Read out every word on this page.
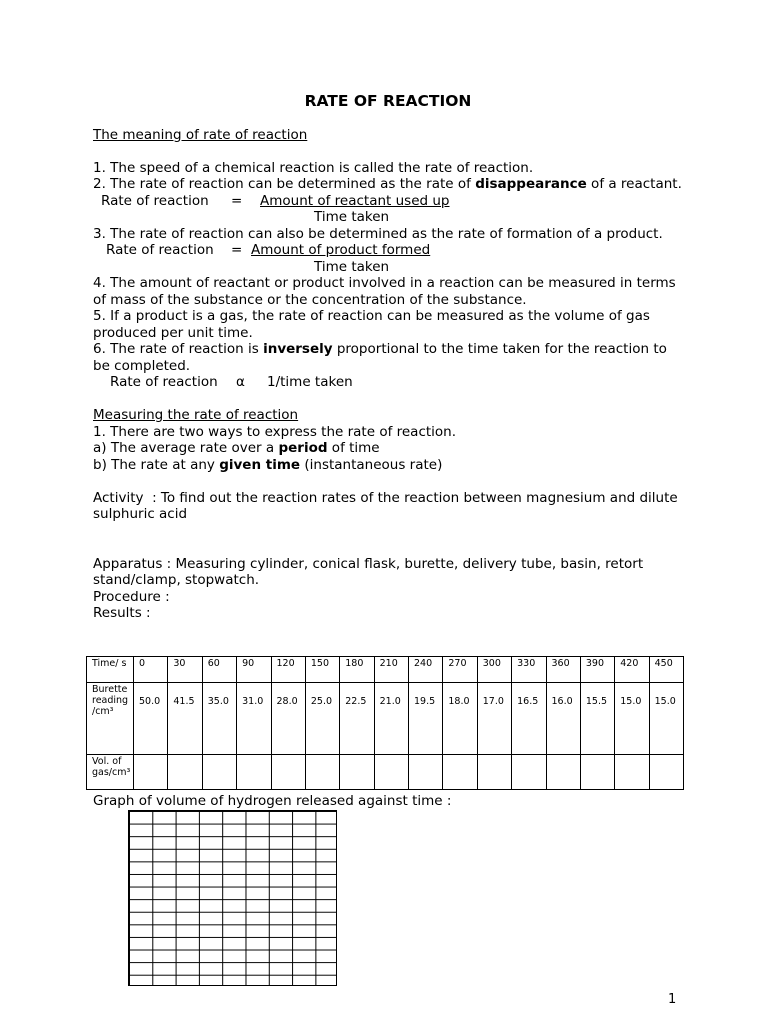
RATE OF REACTION

The meaning of rate of reaction

1. The speed of a chemical reaction is called the rate of reaction.

2. The rate of reaction can be determined as the rate of disappearance of a reactant.

Rate of reaction = Amount of reactant used up
Time taken

3. The rate of reaction can also be determined as the rate of formation of a product.

Rate of reaction = Amount of product formed
Time taken

4. The amount of reactant or product involved in a reaction can be measured in terms of mass of the substance or the concentration of the substance.

5. If a product is a gas, the rate of reaction can be measured as the volume of gas produced per unit time.

6. The rate of reaction is inversely proportional to the time taken for the reaction to be completed.

Rate of reaction α 1/time taken

Measuring the rate of reaction

1. There are two ways to express the rate of reaction.

a) The average rate over a period of time

b) The rate at any given time (instantaneous rate)

Activity  : To find out the reaction rates of the reaction between magnesium and dilute sulphuric acid

Apparatus : Measuring cylinder, conical flask, burette, delivery tube, basin, retort stand/clamp, stopwatch.

Procedure :

Results :

Time/ s	0	30	60	90	120	150	180	210	240	270	300	330	360	390	420	450
Burette reading /cm³	50.0	41.5	35.0	31.0	28.0	25.0	22.5	21.0	19.5	18.0	17.0	16.5	16.0	15.5	15.0	15.0
Vol. of gas/cm³																

Graph of volume of hydrogen released against time :

1
